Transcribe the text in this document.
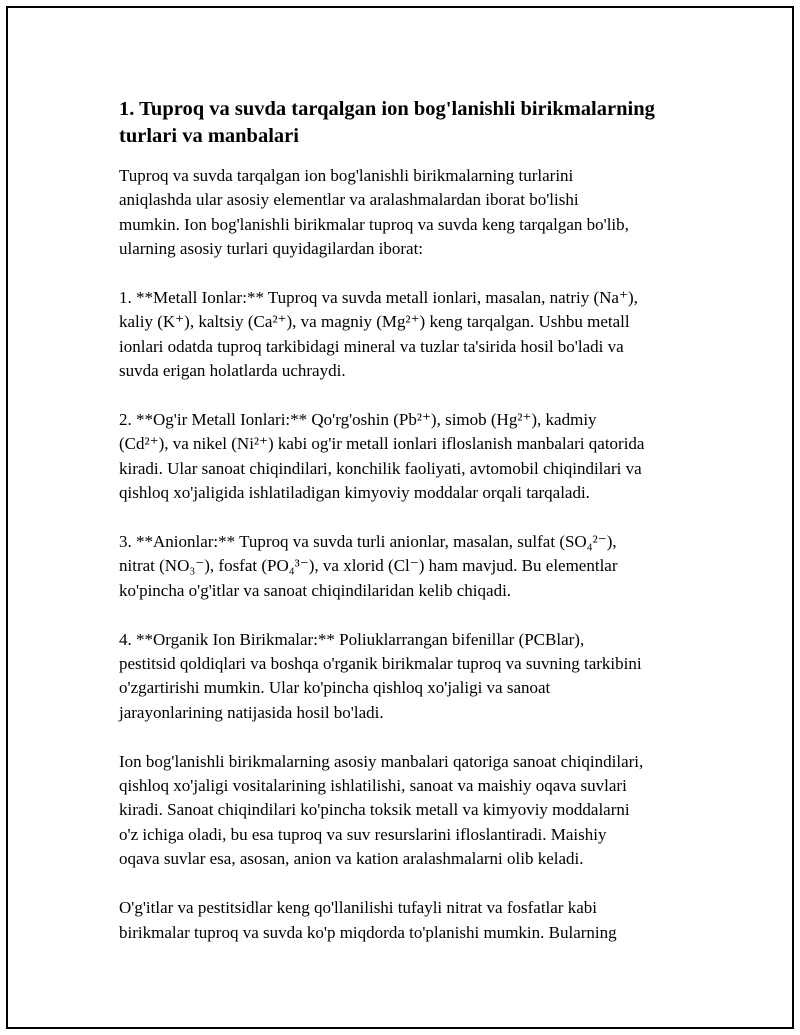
1. Tuproq va suvda tarqalgan ion bog'lanishli birikmalarning turlari va manbalari

Tuproq va suvda tarqalgan ion bog'lanishli birikmalarning turlarini
aniqlashda ular asosiy elementlar va aralashmalardan iborat bo'lishi
mumkin. Ion bog'lanishli birikmalar tuproq va suvda keng tarqalgan bo'lib,
ularning asosiy turlari quyidagilardan iborat:

1. **Metall Ionlar:** Tuproq va suvda metall ionlari, masalan, natriy (Na⁺),
kaliy (K⁺), kaltsiy (Ca²⁺), va magniy (Mg²⁺) keng tarqalgan. Ushbu metall
ionlari odatda tuproq tarkibidagi mineral va tuzlar ta'sirida hosil bo'ladi va
suvda erigan holatlarda uchraydi.

2. **Og'ir Metall Ionlari:** Qo'rg'oshin (Pb²⁺), simob (Hg²⁺), kadmiy
(Cd²⁺), va nikel (Ni²⁺) kabi og'ir metall ionlari ifloslanish manbalari qatorida
kiradi. Ular sanoat chiqindilari, konchilik faoliyati, avtomobil chiqindilari va
qishloq xo'jaligida ishlatiladigan kimyoviy moddalar orqali tarqaladi.

3. **Anionlar:** Tuproq va suvda turli anionlar, masalan, sulfat (SO₄²⁻),
nitrat (NO₃⁻), fosfat (PO₄³⁻), va xlorid (Cl⁻) ham mavjud. Bu elementlar
ko'pincha o'g'itlar va sanoat chiqindilaridan kelib chiqadi.

4. **Organik Ion Birikmalar:** Poliuklarrangan bifenillar (PCBlar),
pestitsid qoldiqlari va boshqa o'rganik birikmalar tuproq va suvning tarkibini
o'zgartirishi mumkin. Ular ko'pincha qishloq xo'jaligi va sanoat
jarayonlarining natijasida hosil bo'ladi.

Ion bog'lanishli birikmalarning asosiy manbalari qatoriga sanoat chiqindilari,
qishloq xo'jaligi vositalarining ishlatilishi, sanoat va maishiy oqava suvlari
kiradi. Sanoat chiqindilari ko'pincha toksik metall va kimyoviy moddalarni
o'z ichiga oladi, bu esa tuproq va suv resurslarini ifloslantiradi. Maishiy
oqava suvlar esa, asosan, anion va kation aralashmalarni olib keladi.

O'g'itlar va pestitsidlar keng qo'llanilishi tufayli nitrat va fosfatlar kabi
birikmalar tuproq va suvda ko'p miqdorda to'planishi mumkin. Bularning
